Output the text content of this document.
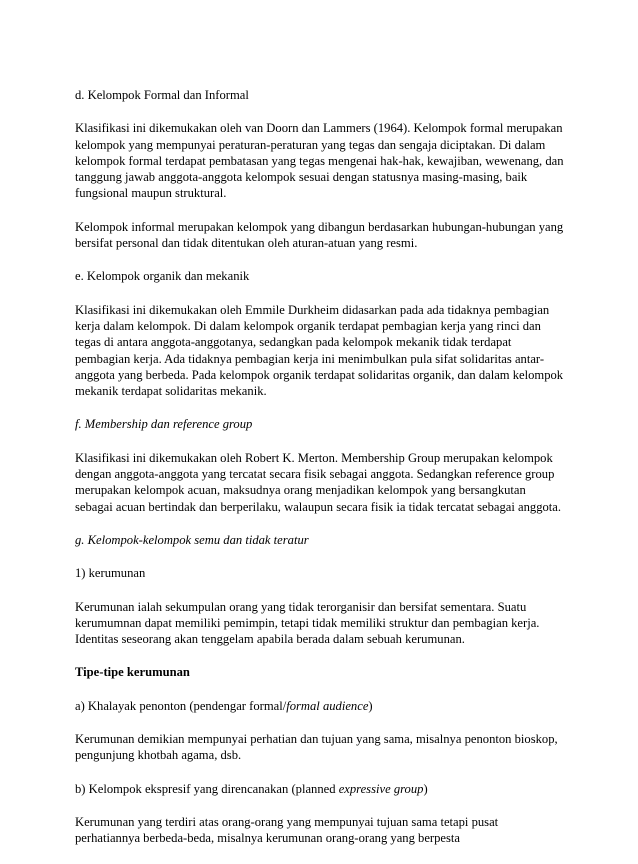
d. Kelompok Formal dan Informal

Klasifikasi ini dikemukakan oleh van Doorn dan Lammers (1964). Kelompok formal merupakan kelompok yang mempunyai peraturan-peraturan yang tegas dan sengaja diciptakan. Di dalam kelompok formal terdapat pembatasan yang tegas mengenai hak-hak, kewajiban, wewenang, dan tanggung jawab anggota-anggota kelompok sesuai dengan statusnya masing-masing, baik fungsional maupun struktural.

Kelompok informal merupakan kelompok yang dibangun berdasarkan hubungan-hubungan yang bersifat personal dan tidak ditentukan oleh aturan-atuan yang resmi.

e. Kelompok organik dan mekanik

Klasifikasi ini dikemukakan oleh Emmile Durkheim didasarkan pada ada tidaknya pembagian kerja dalam kelompok. Di dalam kelompok organik terdapat pembagian kerja yang rinci dan tegas di antara anggota-anggotanya, sedangkan pada kelompok mekanik tidak terdapat pembagian kerja. Ada tidaknya pembagian kerja ini menimbulkan pula sifat solidaritas antar-anggota yang berbeda. Pada kelompok organik terdapat solidaritas organik, dan dalam kelompok mekanik terdapat solidaritas mekanik.

f. Membership dan reference group

Klasifikasi ini dikemukakan oleh Robert K. Merton. Membership Group merupakan kelompok dengan anggota-anggota yang tercatat secara fisik sebagai anggota. Sedangkan reference group merupakan kelompok acuan, maksudnya orang menjadikan kelompok yang bersangkutan sebagai acuan bertindak dan berperilaku, walaupun secara fisik ia tidak tercatat sebagai anggota.

g. Kelompok-kelompok semu dan tidak teratur

1) kerumunan

Kerumunan ialah sekumpulan orang yang tidak terorganisir dan bersifat sementara. Suatu kerumumnan dapat memiliki pemimpin, tetapi tidak memiliki struktur dan pembagian kerja. Identitas seseorang akan tenggelam apabila berada dalam sebuah kerumunan.

Tipe-tipe kerumunan

a) Khalayak penonton (pendengar formal/formal audience)

Kerumunan demikian mempunyai perhatian dan tujuan yang sama, misalnya penonton bioskop, pengunjung khotbah agama, dsb.

b) Kelompok ekspresif yang direncanakan (planned expressive group)

Kerumunan yang terdiri atas orang-orang yang mempunyai tujuan sama tetapi pusat perhatiannya berbeda-beda, misalnya kerumunan orang-orang yang berpesta
